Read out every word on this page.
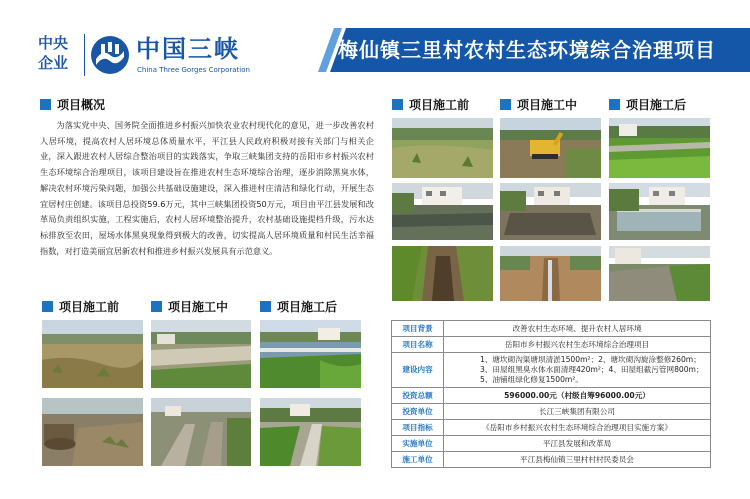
中央
企业	中国三峡
China Three Gorges Corporation
梅仙镇三里村农村生态环境综合治理项目
项目概况
为落实党中央、国务院全面推进乡村振兴加快农业农村现代化的意见，进一步改善农村人居环境，提高农村人居环境总体质量水平，平江县人民政府积极对接有关部门与相关企业，深入跟进农村人居综合整治项目的实践落实，争取三峡集团支持的岳阳市乡村振兴农村生态环境综合治理项目，该项目建设旨在推进农村生态环境综合治理，逐步消除黑臭水体，解决农村环境污染问题，加强公共基础设施建设，深入推进村庄清洁和绿化行动，开展生态宜居村庄创建。该项目总投资59.6万元，其中三峡集团投资50万元，项目由平江县发展和改革局负责组织实施，工程实施后，农村人居环境整治提升，农村基础设施提档升级，污水达标排放至农田，屋场水体黑臭现象得到极大的改善，切实提高人居环境质量和村民生活幸福指数，对打造美丽宜居新农村和推进乡村振兴发展具有示范意义。
项目施工前	项目施工中	项目施工后
项目施工前	项目施工中	项目施工后
项目背景	改善农村生态环境、提升农村人居环境
项目名称	岳阳市乡村振兴农村生态环境综合治理项目
建设内容	1、塘坎砌沟渠塘坝清淤1500m²；2、塘坎砌沟旋涂整修260m；
3、田屋组黑臭水体水面清理420m²；4、田屋组截污管网800m；
5、油铺组绿化修复1500m²。

投资总额	596000.00元（村级自筹96000.00元）
投资单位	长江三峡集团有限公司
项目指标	《岳阳市乡村振兴农村生态环境综合治理项目实施方案》
实施单位	平江县发展和改革局
施工单位	平江县梅仙镇三里村村村民委员会
